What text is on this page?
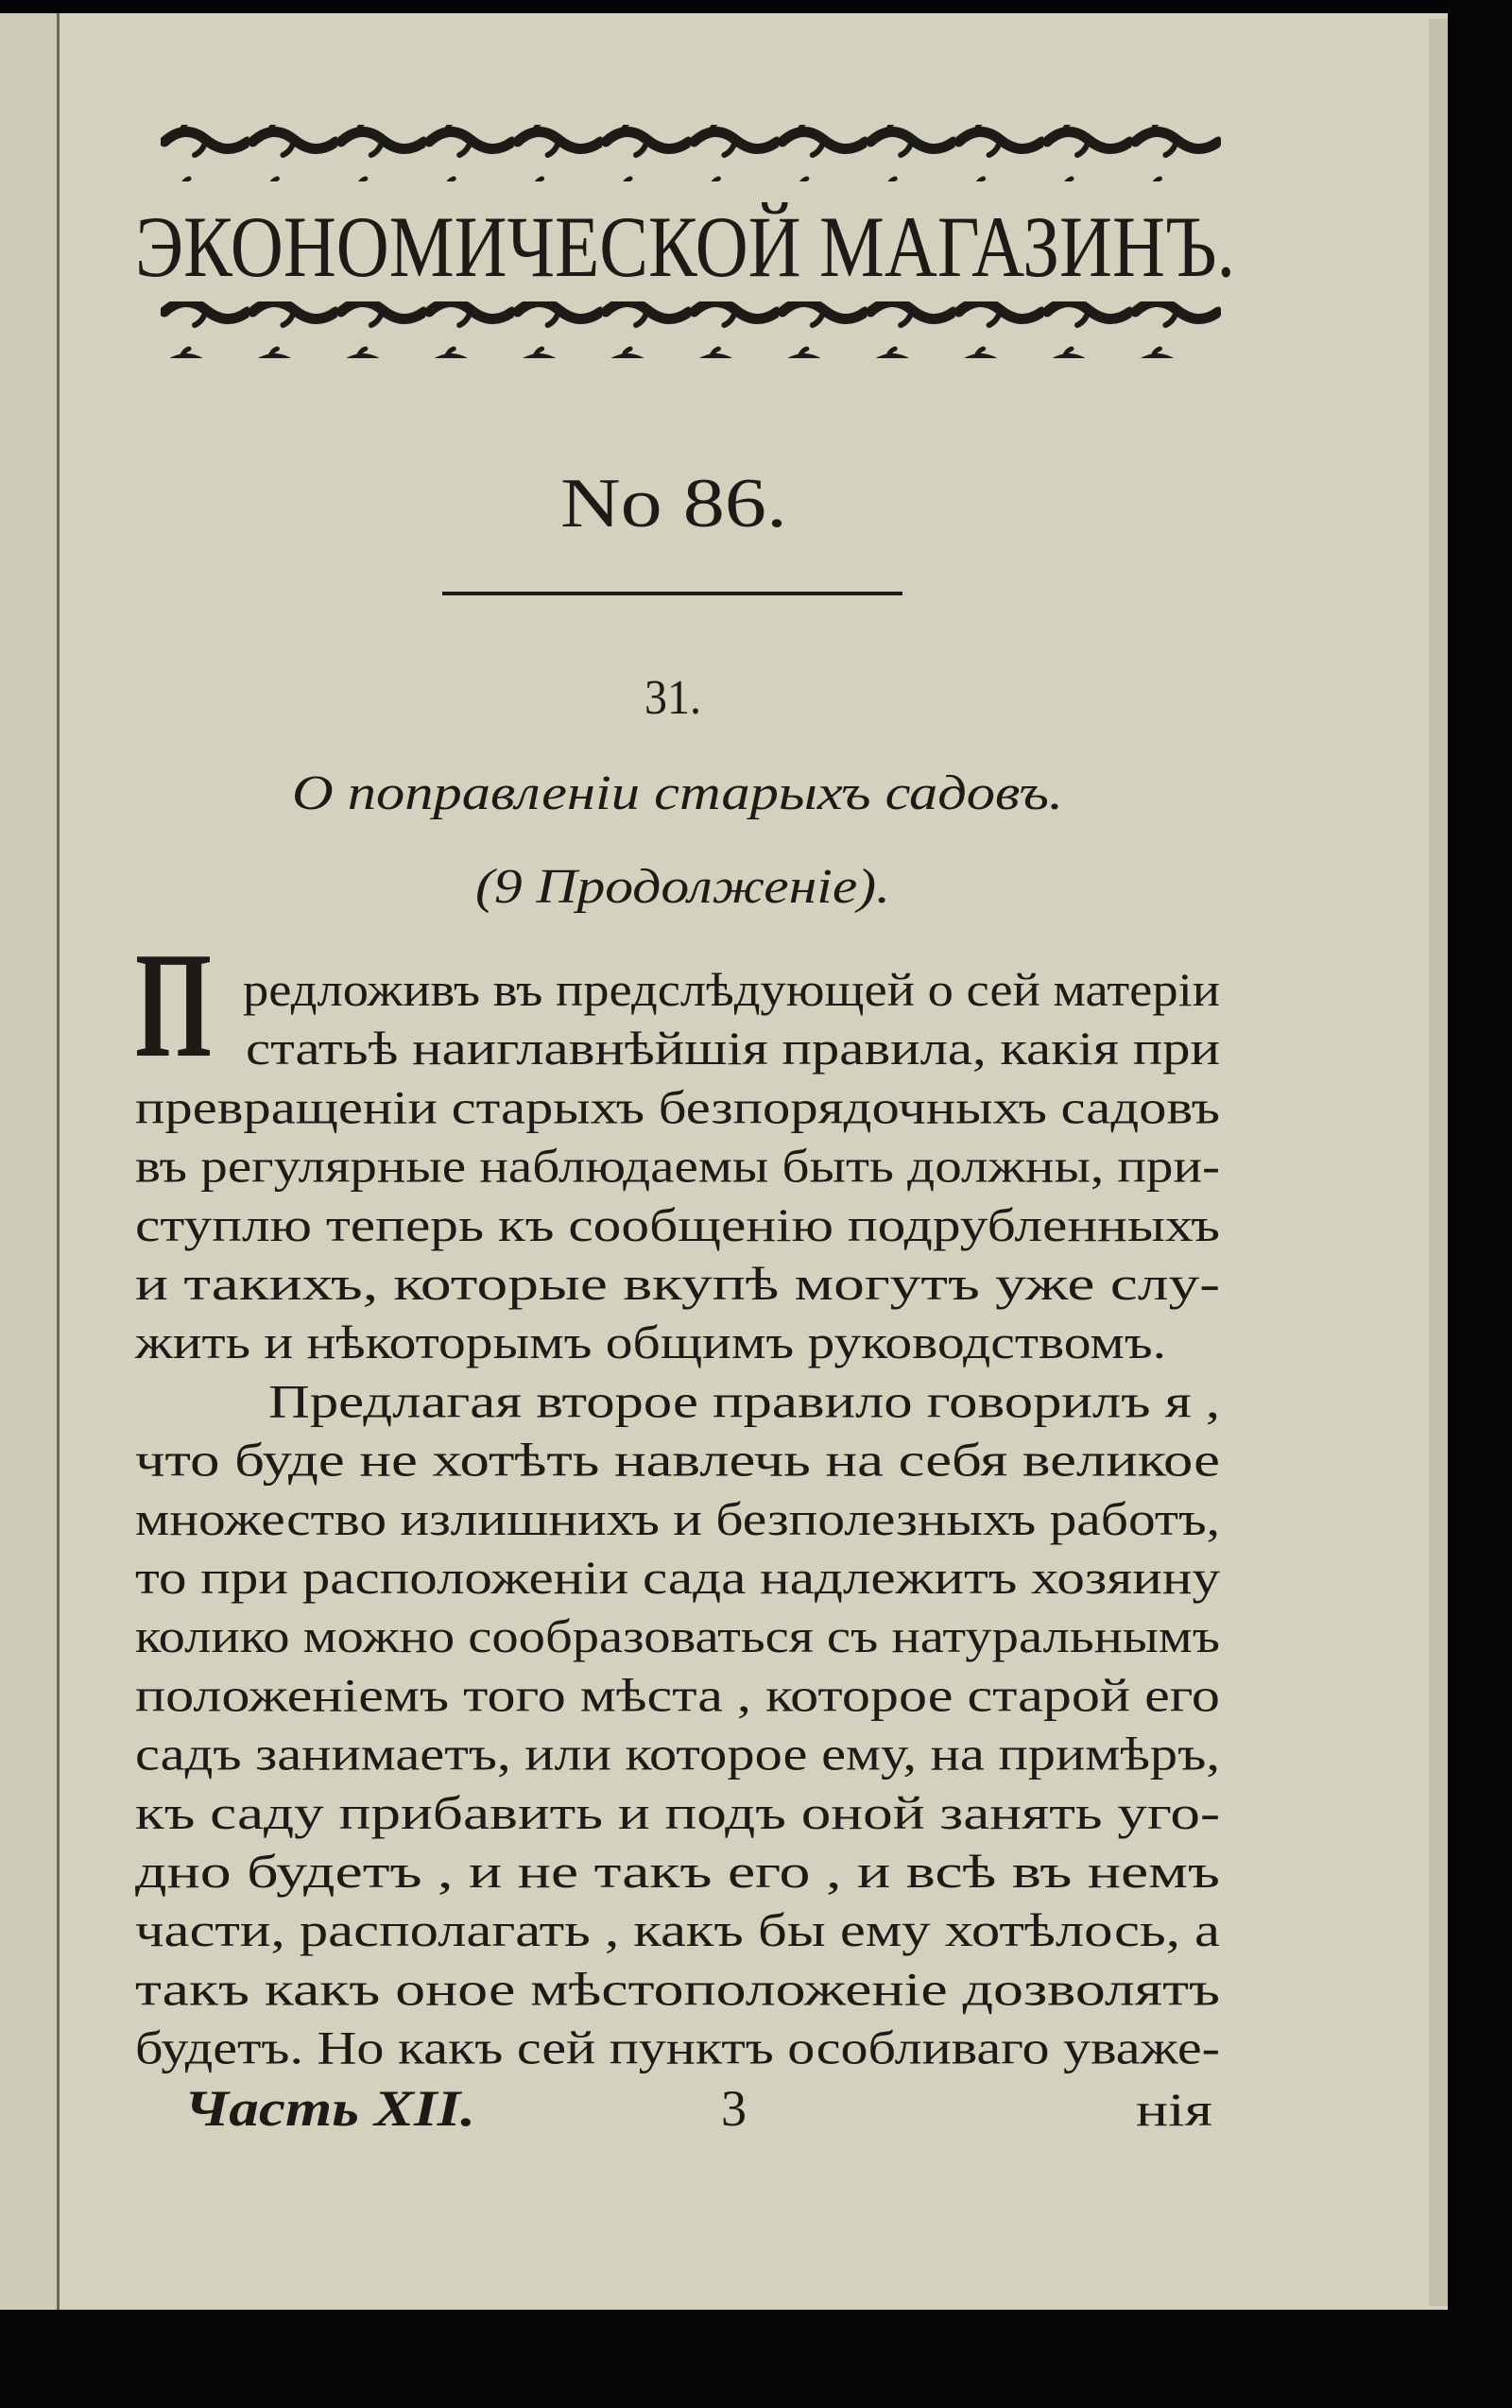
ЭКОНОМИЧЕСКОЙ МАГАЗИНЪ.
No 86.
31.
О поправленіи старыхъ садовъ.
(9 Продолженіе).
П редложивъ въ предслѣдующей о сей матеріи
статьѣ наиглавнѣйшія правила, какія при
превращеніи старыхъ безпорядочныхъ садовъ
въ регулярные наблюдаемы быть должны, при-
ступлю теперь къ сообщенію подрубленныхъ
и такихъ, которые вкупѣ могутъ уже слу-
жить и нѣкоторымъ общимъ руководствомъ.
Предлагая второе правило говорилъ я ,
что буде не хотѣть навлечь на себя великое
множество излишнихъ и безполезныхъ работъ,
то при расположеніи сада надлежитъ хозяину
колико можно сообразоваться съ натуральнымъ
положеніемъ того мѣста , которое старой его
садъ занимаетъ, или которое ему, на примѣръ,
къ саду прибавить и подъ оной занять уго-
дно будетъ , и не такъ его , и всѣ въ немъ
части, располагать , какъ бы ему хотѣлось, а
такъ какъ оное мѣстоположеніе дозволятъ
будетъ. Но какъ сей пунктъ особливаго уваже-
Часть XII.	3	нія
